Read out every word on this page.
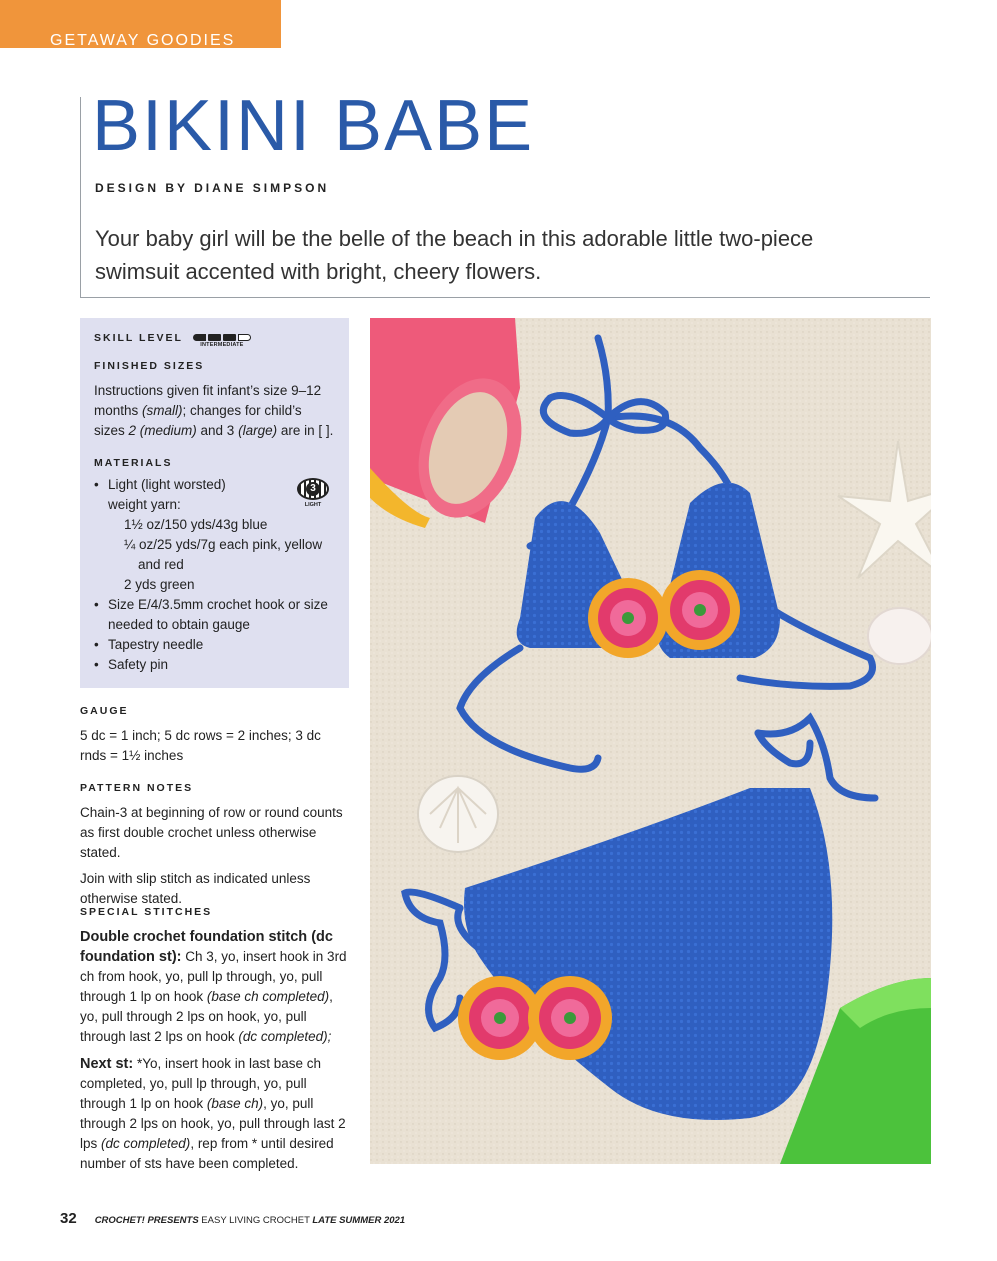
GETAWAY GOODIES
BIKINI BABE
DESIGN BY DIANE SIMPSON
Your baby girl will be the belle of the beach in this adorable little two-piece swimsuit accented with bright, cheery flowers.
SKILL LEVEL
INTERMEDIATE
FINISHED SIZES
Instructions given fit infant’s size 9–12 months (small); changes for child’s sizes 2 (medium) and 3 (large) are in [ ].
MATERIALS
3
LIGHT
• Light (light worsted) weight yarn:
1½ oz/150 yds/43g blue
¼ oz/25 yds/7g each pink, yellow
and red
2 yds green
• Size E/4/3.5mm crochet hook or size needed to obtain gauge
• Tapestry needle
• Safety pin
GAUGE
5 dc = 1 inch; 5 dc rows = 2 inches; 3 dc rnds = 1½ inches
PATTERN NOTES
Chain-3 at beginning of row or round counts as first double crochet unless otherwise stated.
Join with slip stitch as indicated unless otherwise stated.
SPECIAL STITCHES
Double crochet foundation stitch (dc foundation st): Ch 3, yo, insert hook in 3rd ch from hook, yo, pull lp through, yo, pull through 1 lp on hook (base ch completed), yo, pull through 2 lps on hook, yo, pull through last 2 lps on hook (dc completed);
Next st: *Yo, insert hook in last base ch completed, yo, pull lp through, yo, pull through 1 lp on hook (base ch), yo, pull through 2 lps on hook, yo, pull through last 2 lps (dc completed), rep from * until desired number of sts have been completed.
32 CROCHET! PRESENTS EASY LIVING CROCHET LATE SUMMER 2021
